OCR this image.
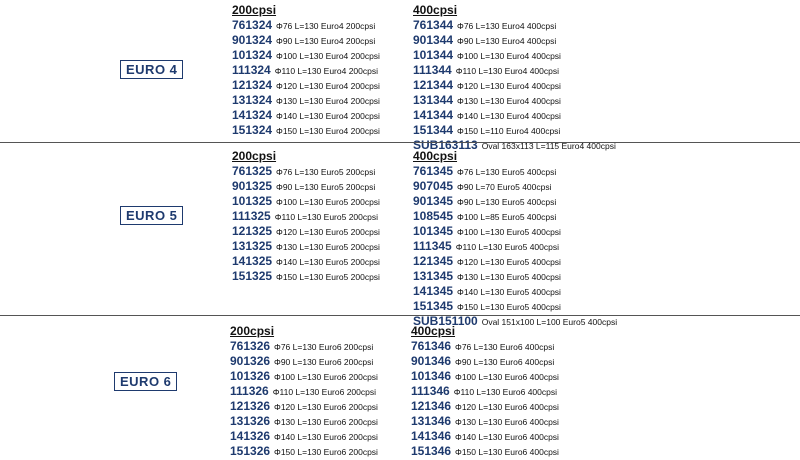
EURO 4
200cpsi
761324 Φ76 L=130 Euro4 200cpsi
901324 Φ90 L=130 Euro4 200cpsi
101324 Φ100 L=130 Euro4 200cpsi
111324 Φ110 L=130 Euro4 200cpsi
121324 Φ120 L=130 Euro4 200cpsi
131324 Φ130 L=130 Euro4 200cpsi
141324 Φ140 L=130 Euro4 200cpsi
151324 Φ150 L=130 Euro4 200cpsi
400cpsi
761344 Φ76 L=130 Euro4 400cpsi
901344 Φ90 L=130 Euro4 400cpsi
101344 Φ100 L=130 Euro4 400cpsi
111344 Φ110 L=130 Euro4 400cpsi
121344 Φ120 L=130 Euro4 400cpsi
131344 Φ130 L=130 Euro4 400cpsi
141344 Φ140 L=130 Euro4 400cpsi
151344 Φ150 L=110 Euro4 400cpsi
SUB163113 Oval 163x113 L=115 Euro4 400cpsi
EURO 5
200cpsi
761325 Φ76 L=130 Euro5 200cpsi
901325 Φ90 L=130 Euro5 200cpsi
101325 Φ100 L=130 Euro5 200cpsi
111325 Φ110 L=130 Euro5 200cpsi
121325 Φ120 L=130 Euro5 200cpsi
131325 Φ130 L=130 Euro5 200cpsi
141325 Φ140 L=130 Euro5 200cpsi
151325 Φ150 L=130 Euro5 200cpsi
400cpsi
761345 Φ76 L=130 Euro5 400cpsi
907045 Φ90 L=70 Euro5 400cpsi
901345 Φ90 L=130 Euro5 400cpsi
108545 Φ100 L=85 Euro5 400cpsi
101345 Φ100 L=130 Euro5 400cpsi
111345 Φ110 L=130 Euro5 400cpsi
121345 Φ120 L=130 Euro5 400cpsi
131345 Φ130 L=130 Euro5 400cpsi
141345 Φ140 L=130 Euro5 400cpsi
151345 Φ150 L=130 Euro5 400cpsi
SUB151100 Oval 151x100 L=100 Euro5 400cpsi
EURO 6
200cpsi
761326 Φ76 L=130 Euro6 200cpsi
901326 Φ90 L=130 Euro6 200cpsi
101326 Φ100 L=130 Euro6 200cpsi
111326 Φ110 L=130 Euro6 200cpsi
121326 Φ120 L=130 Euro6 200cpsi
131326 Φ130 L=130 Euro6 200cpsi
141326 Φ140 L=130 Euro6 200cpsi
151326 Φ150 L=130 Euro6 200cpsi
400cpsi
761346 Φ76 L=130 Euro6 400cpsi
901346 Φ90 L=130 Euro6 400cpsi
101346 Φ100 L=130 Euro6 400cpsi
111346 Φ110 L=130 Euro6 400cpsi
121346 Φ120 L=130 Euro6 400cpsi
131346 Φ130 L=130 Euro6 400cpsi
141346 Φ140 L=130 Euro6 400cpsi
151346 Φ150 L=130 Euro6 400cpsi
